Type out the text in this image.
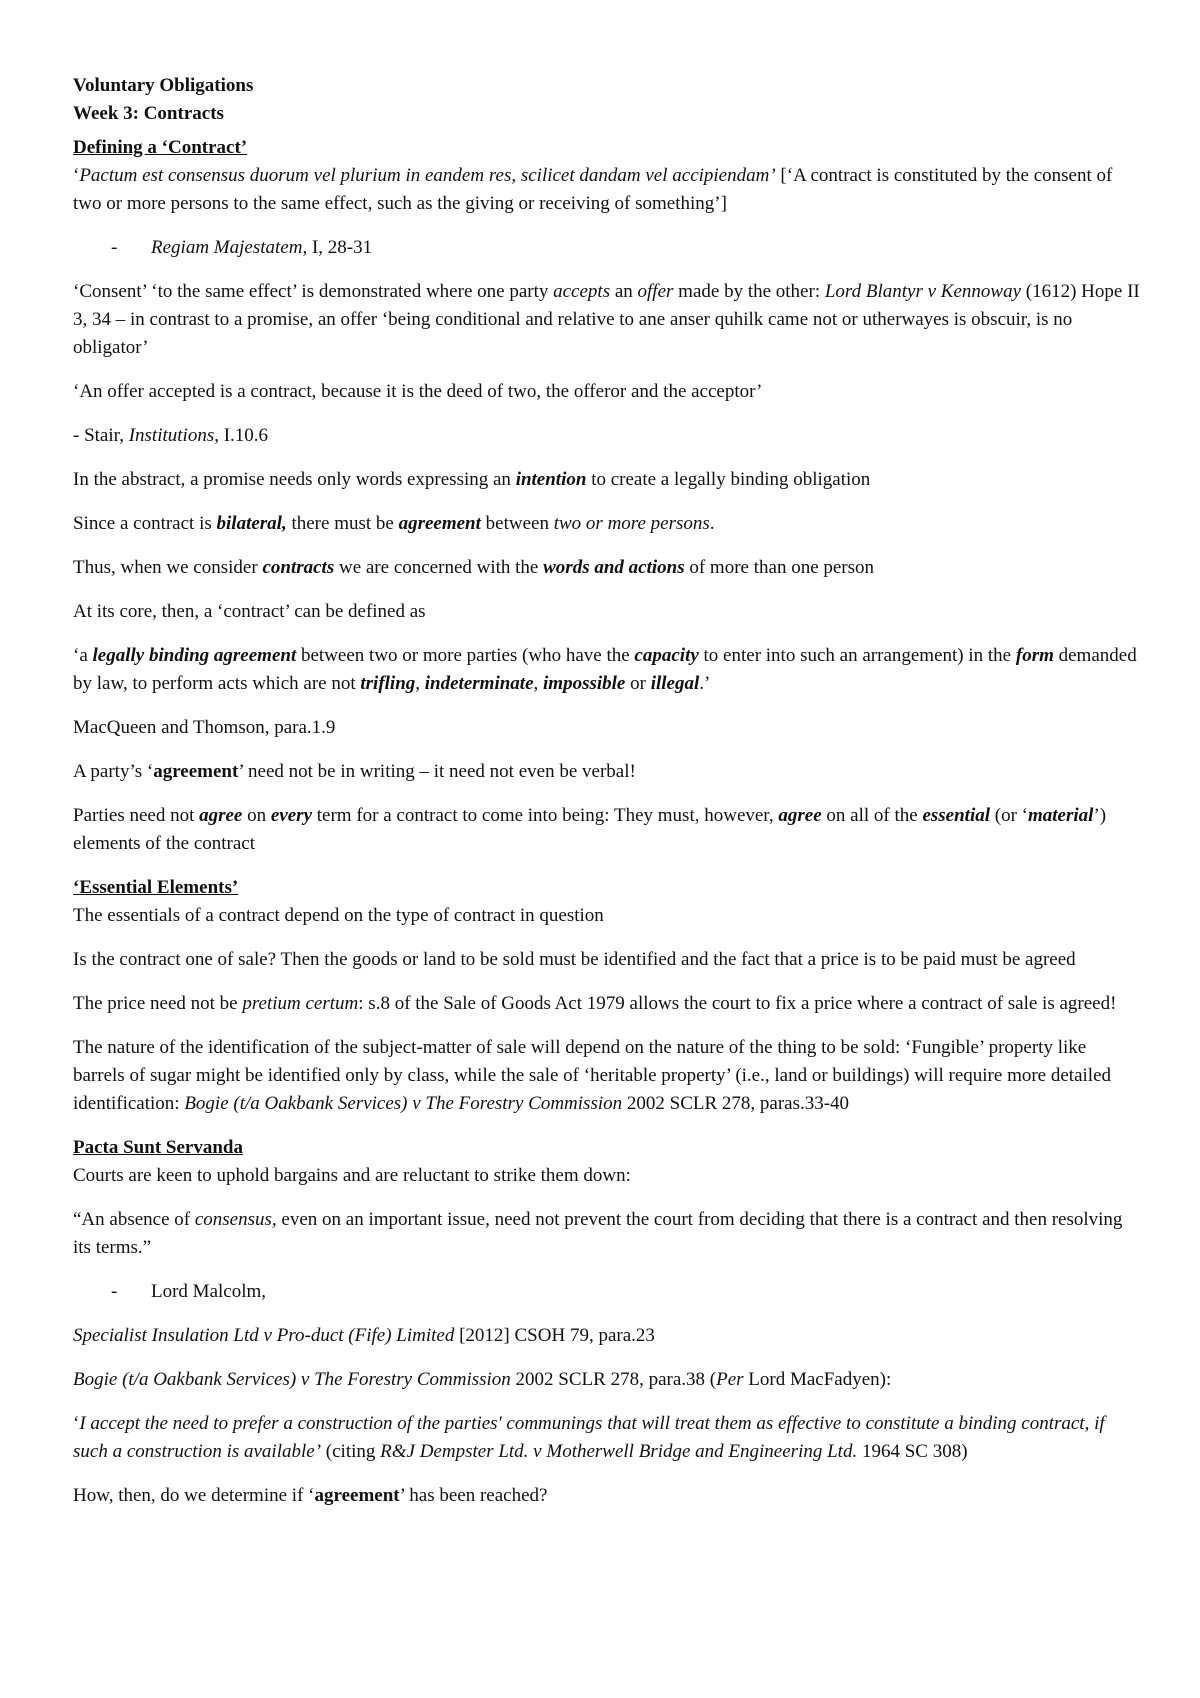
Voluntary Obligations

Week 3: Contracts

Defining a ‘Contract’

‘Pactum est consensus duorum vel plurium in eandem res, scilicet dandam vel accipiendam’ [‘A contract is constituted by the consent of two or more persons to the same effect, such as the giving or receiving of something’]

-	Regiam Majestatem, I, 28-31

‘Consent’ ‘to the same effect’ is demonstrated where one party accepts an offer made by the other: Lord Blantyr v Kennoway (1612) Hope II 3, 34 – in contrast to a promise, an offer ‘being conditional and relative to ane anser quhilk came not or utherwayes is obscuir, is no obligator’

‘An offer accepted is a contract, because it is the deed of two, the offeror and the acceptor’

- Stair, Institutions, I.10.6

In the abstract, a promise needs only words expressing an intention to create a legally binding obligation

Since a contract is bilateral, there must be agreement between two or more persons.

Thus, when we consider contracts we are concerned with the words and actions of more than one person

At its core, then, a ‘contract’ can be defined as

‘a legally binding agreement between two or more parties (who have the capacity to enter into such an arrangement) in the form demanded by law, to perform acts which are not trifling, indeterminate, impossible or illegal.’

MacQueen and Thomson, para.1.9

A party’s ‘agreement’ need not be in writing – it need not even be verbal!

Parties need not agree on every term for a contract to come into being: They must, however, agree on all of the essential (or ‘material’) elements of the contract

‘Essential Elements’

The essentials of a contract depend on the type of contract in question

Is the contract one of sale? Then the goods or land to be sold must be identified and the fact that a price is to be paid must be agreed

The price need not be pretium certum: s.8 of the Sale of Goods Act 1979 allows the court to fix a price where a contract of sale is agreed!

The nature of the identification of the subject-matter of sale will depend on the nature of the thing to be sold: ‘Fungible’ property like barrels of sugar might be identified only by class, while the sale of ‘heritable property’ (i.e., land or buildings) will require more detailed identification: Bogie (t/a Oakbank Services) v The Forestry Commission 2002 SCLR 278, paras.33-40

Pacta Sunt Servanda

Courts are keen to uphold bargains and are reluctant to strike them down:

“An absence of consensus, even on an important issue, need not prevent the court from deciding that there is a contract and then resolving its terms.”

-	Lord Malcolm,

Specialist Insulation Ltd v Pro-duct (Fife) Limited [2012] CSOH 79, para.23

Bogie (t/a Oakbank Services) v The Forestry Commission 2002 SCLR 278, para.38 (Per Lord MacFadyen):

‘I accept the need to prefer a construction of the parties' communings that will treat them as effective to constitute a binding contract, if such a construction is available’ (citing R&J Dempster Ltd. v Motherwell Bridge and Engineering Ltd. 1964 SC 308)

How, then, do we determine if ‘agreement’ has been reached?
